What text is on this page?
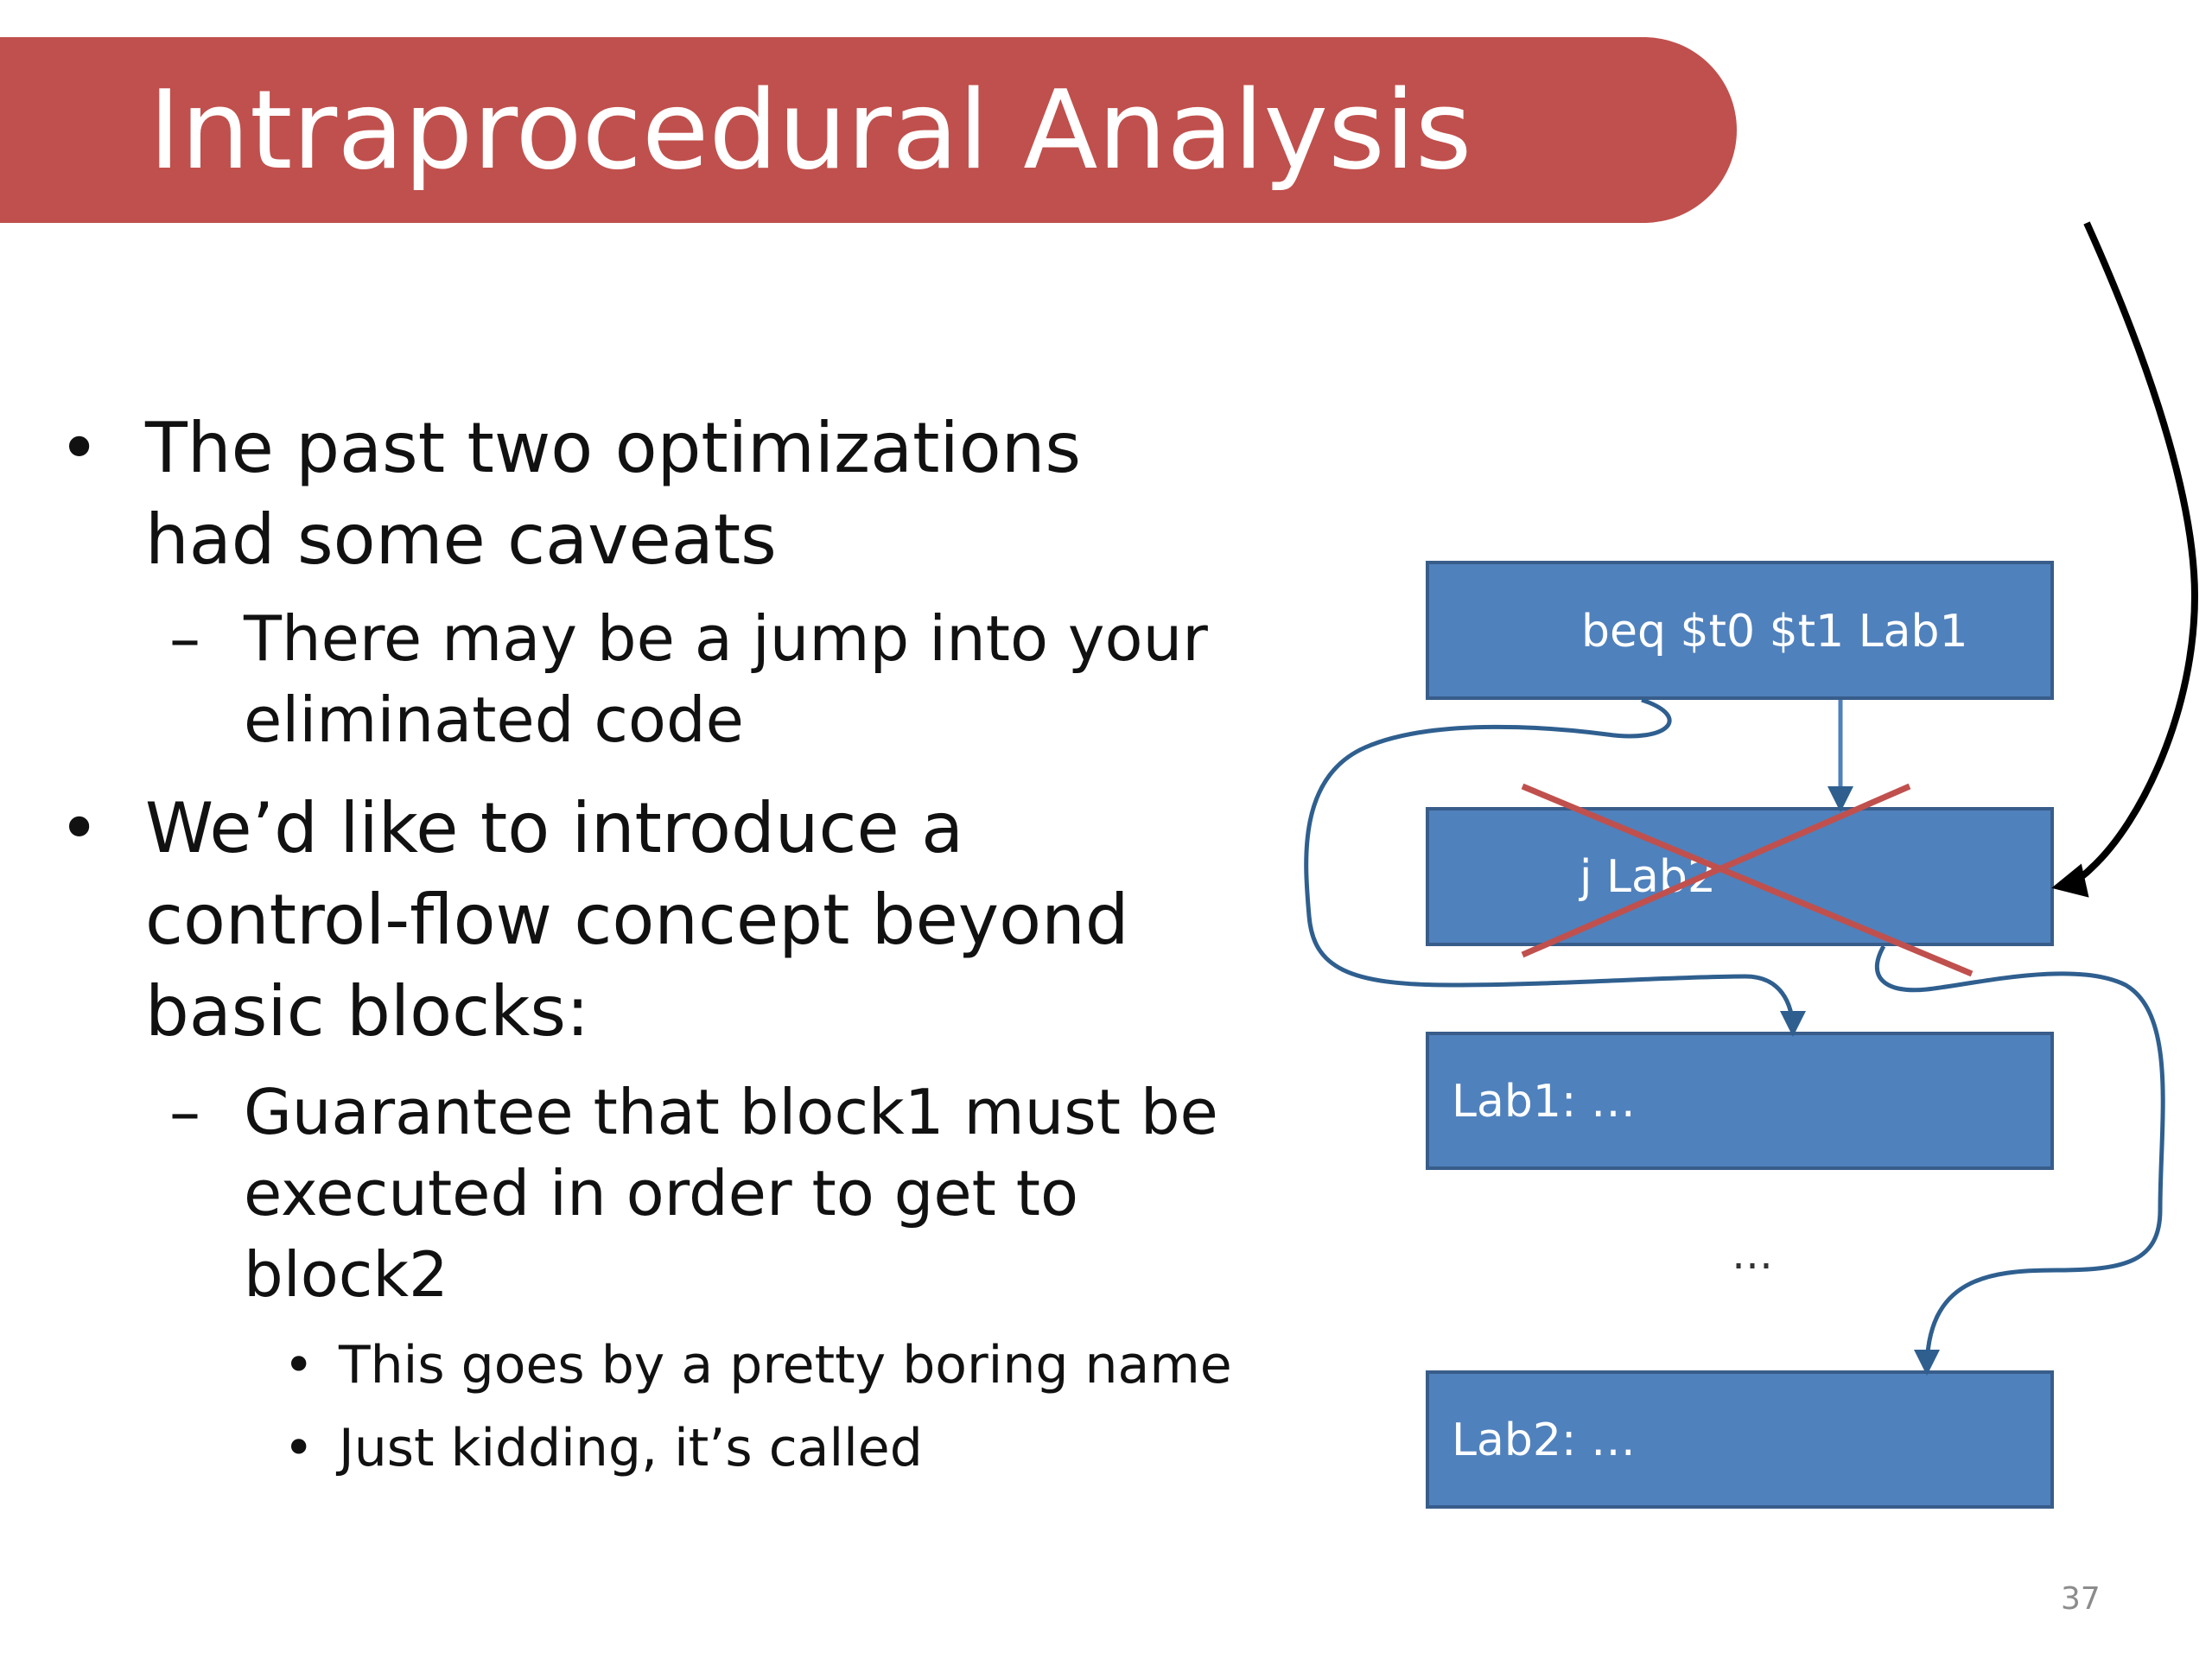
Intraprocedural Analysis
• The past two optimizations
had some caveats
– There may be a jump into your
eliminated code
• We’d like to introduce a
control-flow concept beyond
basic blocks:
– Guarantee that block1 must be
executed in order to get to
block2
• This goes by a pretty boring name
• Just kidding, it’s called
beq $t0 $t1 Lab1
j Lab2
Lab1: …
Lab2: …
…
37
